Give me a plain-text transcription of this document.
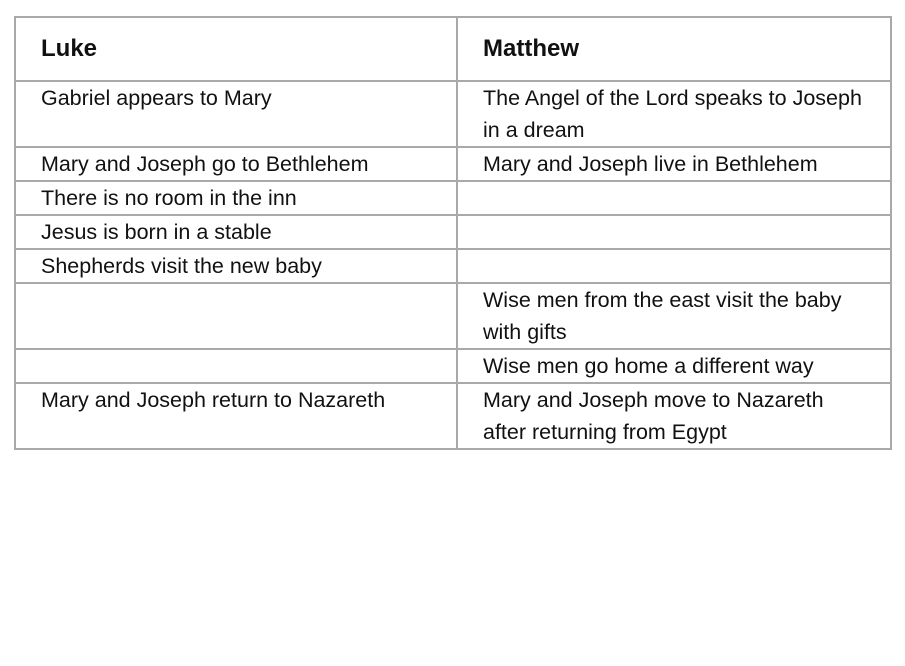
Luke	Matthew
Gabriel appears to Mary	The Angel of the Lord speaks to Joseph in a dream
Mary and Joseph go to Bethlehem	Mary and Joseph live in Bethlehem
There is no room in the inn	
Jesus is born in a stable	
Shepherds visit the new baby	
	Wise men from the east visit the baby with gifts
	Wise men go home a different way
Mary and Joseph return to Nazareth	Mary and Joseph move to Nazareth after returning from Egypt
